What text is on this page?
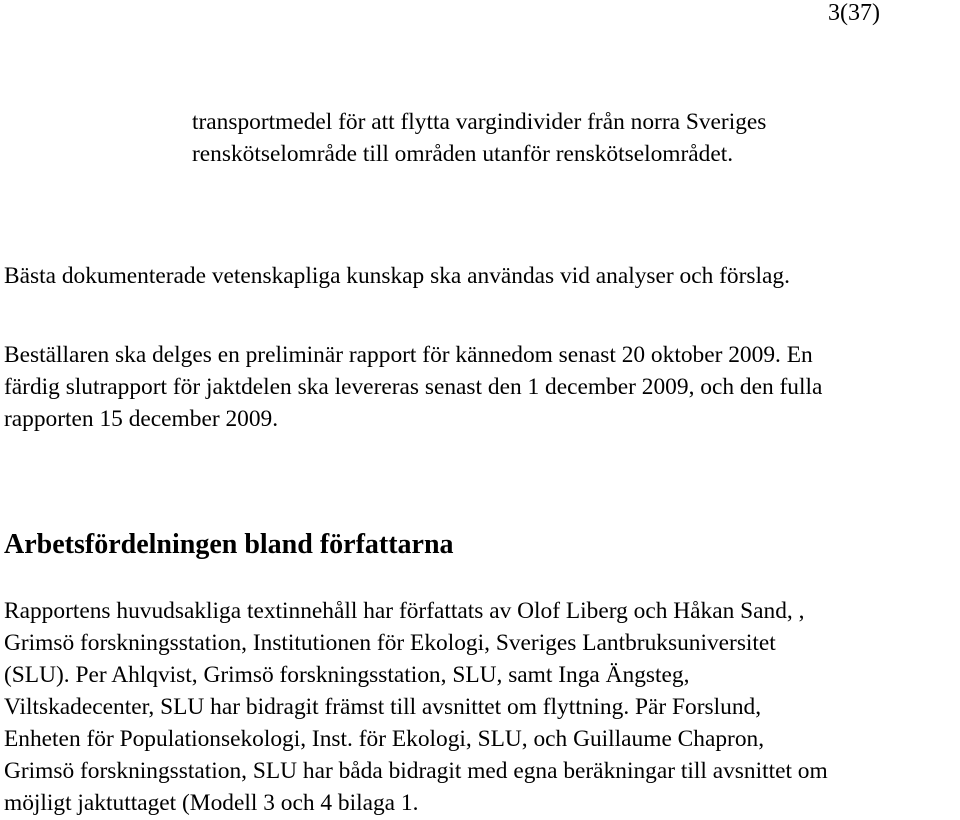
3(37)

transportmedel för att flytta vargindivider från norra Sveriges
renskötselområde till områden utanför renskötselområdet.

Bästa dokumenterade vetenskapliga kunskap ska användas vid analyser och förslag.

Beställaren ska delges en preliminär rapport för kännedom senast 20 oktober 2009. En
färdig slutrapport för jaktdelen ska levereras senast den 1 december 2009, och den fulla
rapporten 15 december 2009.

Arbetsfördelningen bland författarna

Rapportens huvudsakliga textinnehåll har författats av Olof Liberg och Håkan Sand, ,
Grimsö forskningsstation, Institutionen för Ekologi, Sveriges Lantbruksuniversitet
(SLU). Per Ahlqvist, Grimsö forskningsstation, SLU, samt Inga Ängsteg,
Viltskadecenter, SLU har bidragit främst till avsnittet om flyttning. Pär Forslund,
Enheten för Populationsekologi, Inst. för Ekologi, SLU, och Guillaume Chapron,
Grimsö forskningsstation, SLU har båda bidragit med egna beräkningar till avsnittet om
möjligt jaktuttaget (Modell 3 och 4 bilaga 1.
